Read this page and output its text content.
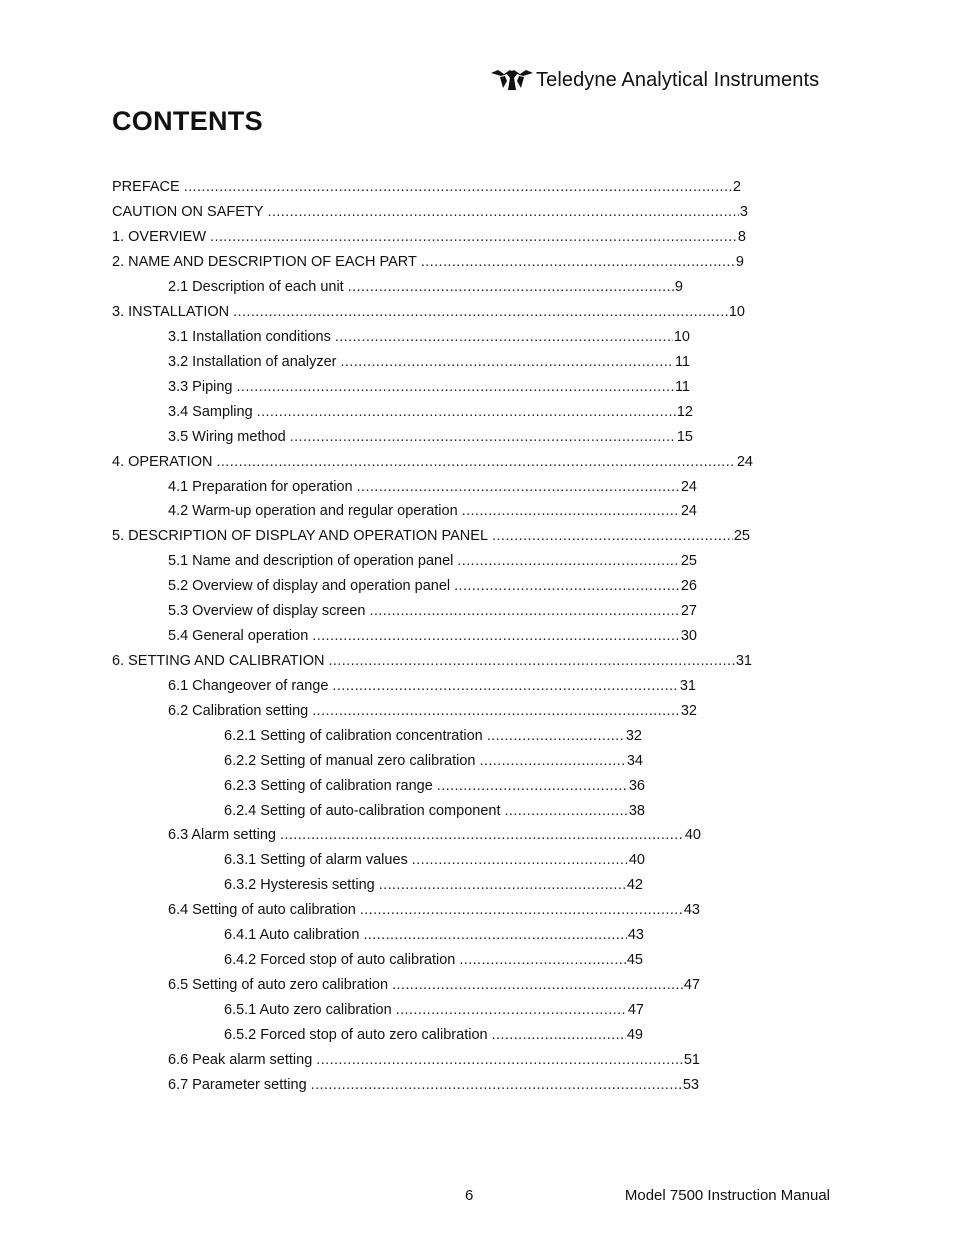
Teledyne Analytical Instruments
CONTENTS
PREFACE .....	2
CAUTION ON SAFETY .....	3
1. OVERVIEW .....	8
2. NAME AND DESCRIPTION OF EACH PART .....	9
2.1 Description of each unit .....	9
3. INSTALLATION .....	10
3.1 Installation conditions .....	10
3.2 Installation of analyzer .....	11
3.3 Piping .....	11
3.4 Sampling .....	12
3.5 Wiring method .....	15
4. OPERATION .....	24
4.1 Preparation for operation .....	24
4.2 Warm-up operation and regular operation .....	24
5. DESCRIPTION OF DISPLAY AND OPERATION PANEL .....	25
5.1 Name and description of operation panel .....	25
5.2 Overview of display and operation panel .....	26
5.3 Overview of display screen .....	27
5.4 General operation .....	30
6. SETTING AND CALIBRATION .....	31
6.1 Changeover of range .....	31
6.2 Calibration setting .....	32
6.2.1 Setting of calibration concentration .....	32
6.2.2 Setting of manual zero calibration .....	34
6.2.3 Setting of calibration range .....	36
6.2.4 Setting of auto-calibration component .....	38
6.3 Alarm setting .....	40
6.3.1 Setting of alarm values .....	40
6.3.2 Hysteresis setting .....	42
6.4 Setting of auto calibration .....	43
6.4.1 Auto calibration .....	43
6.4.2 Forced stop of auto calibration .....	45
6.5 Setting of auto zero calibration .....	47
6.5.1 Auto zero calibration .....	47
6.5.2 Forced stop of auto zero calibration .....	49
6.6 Peak alarm setting .....	51
6.7 Parameter setting .....	53
6	Model 7500 Instruction Manual
